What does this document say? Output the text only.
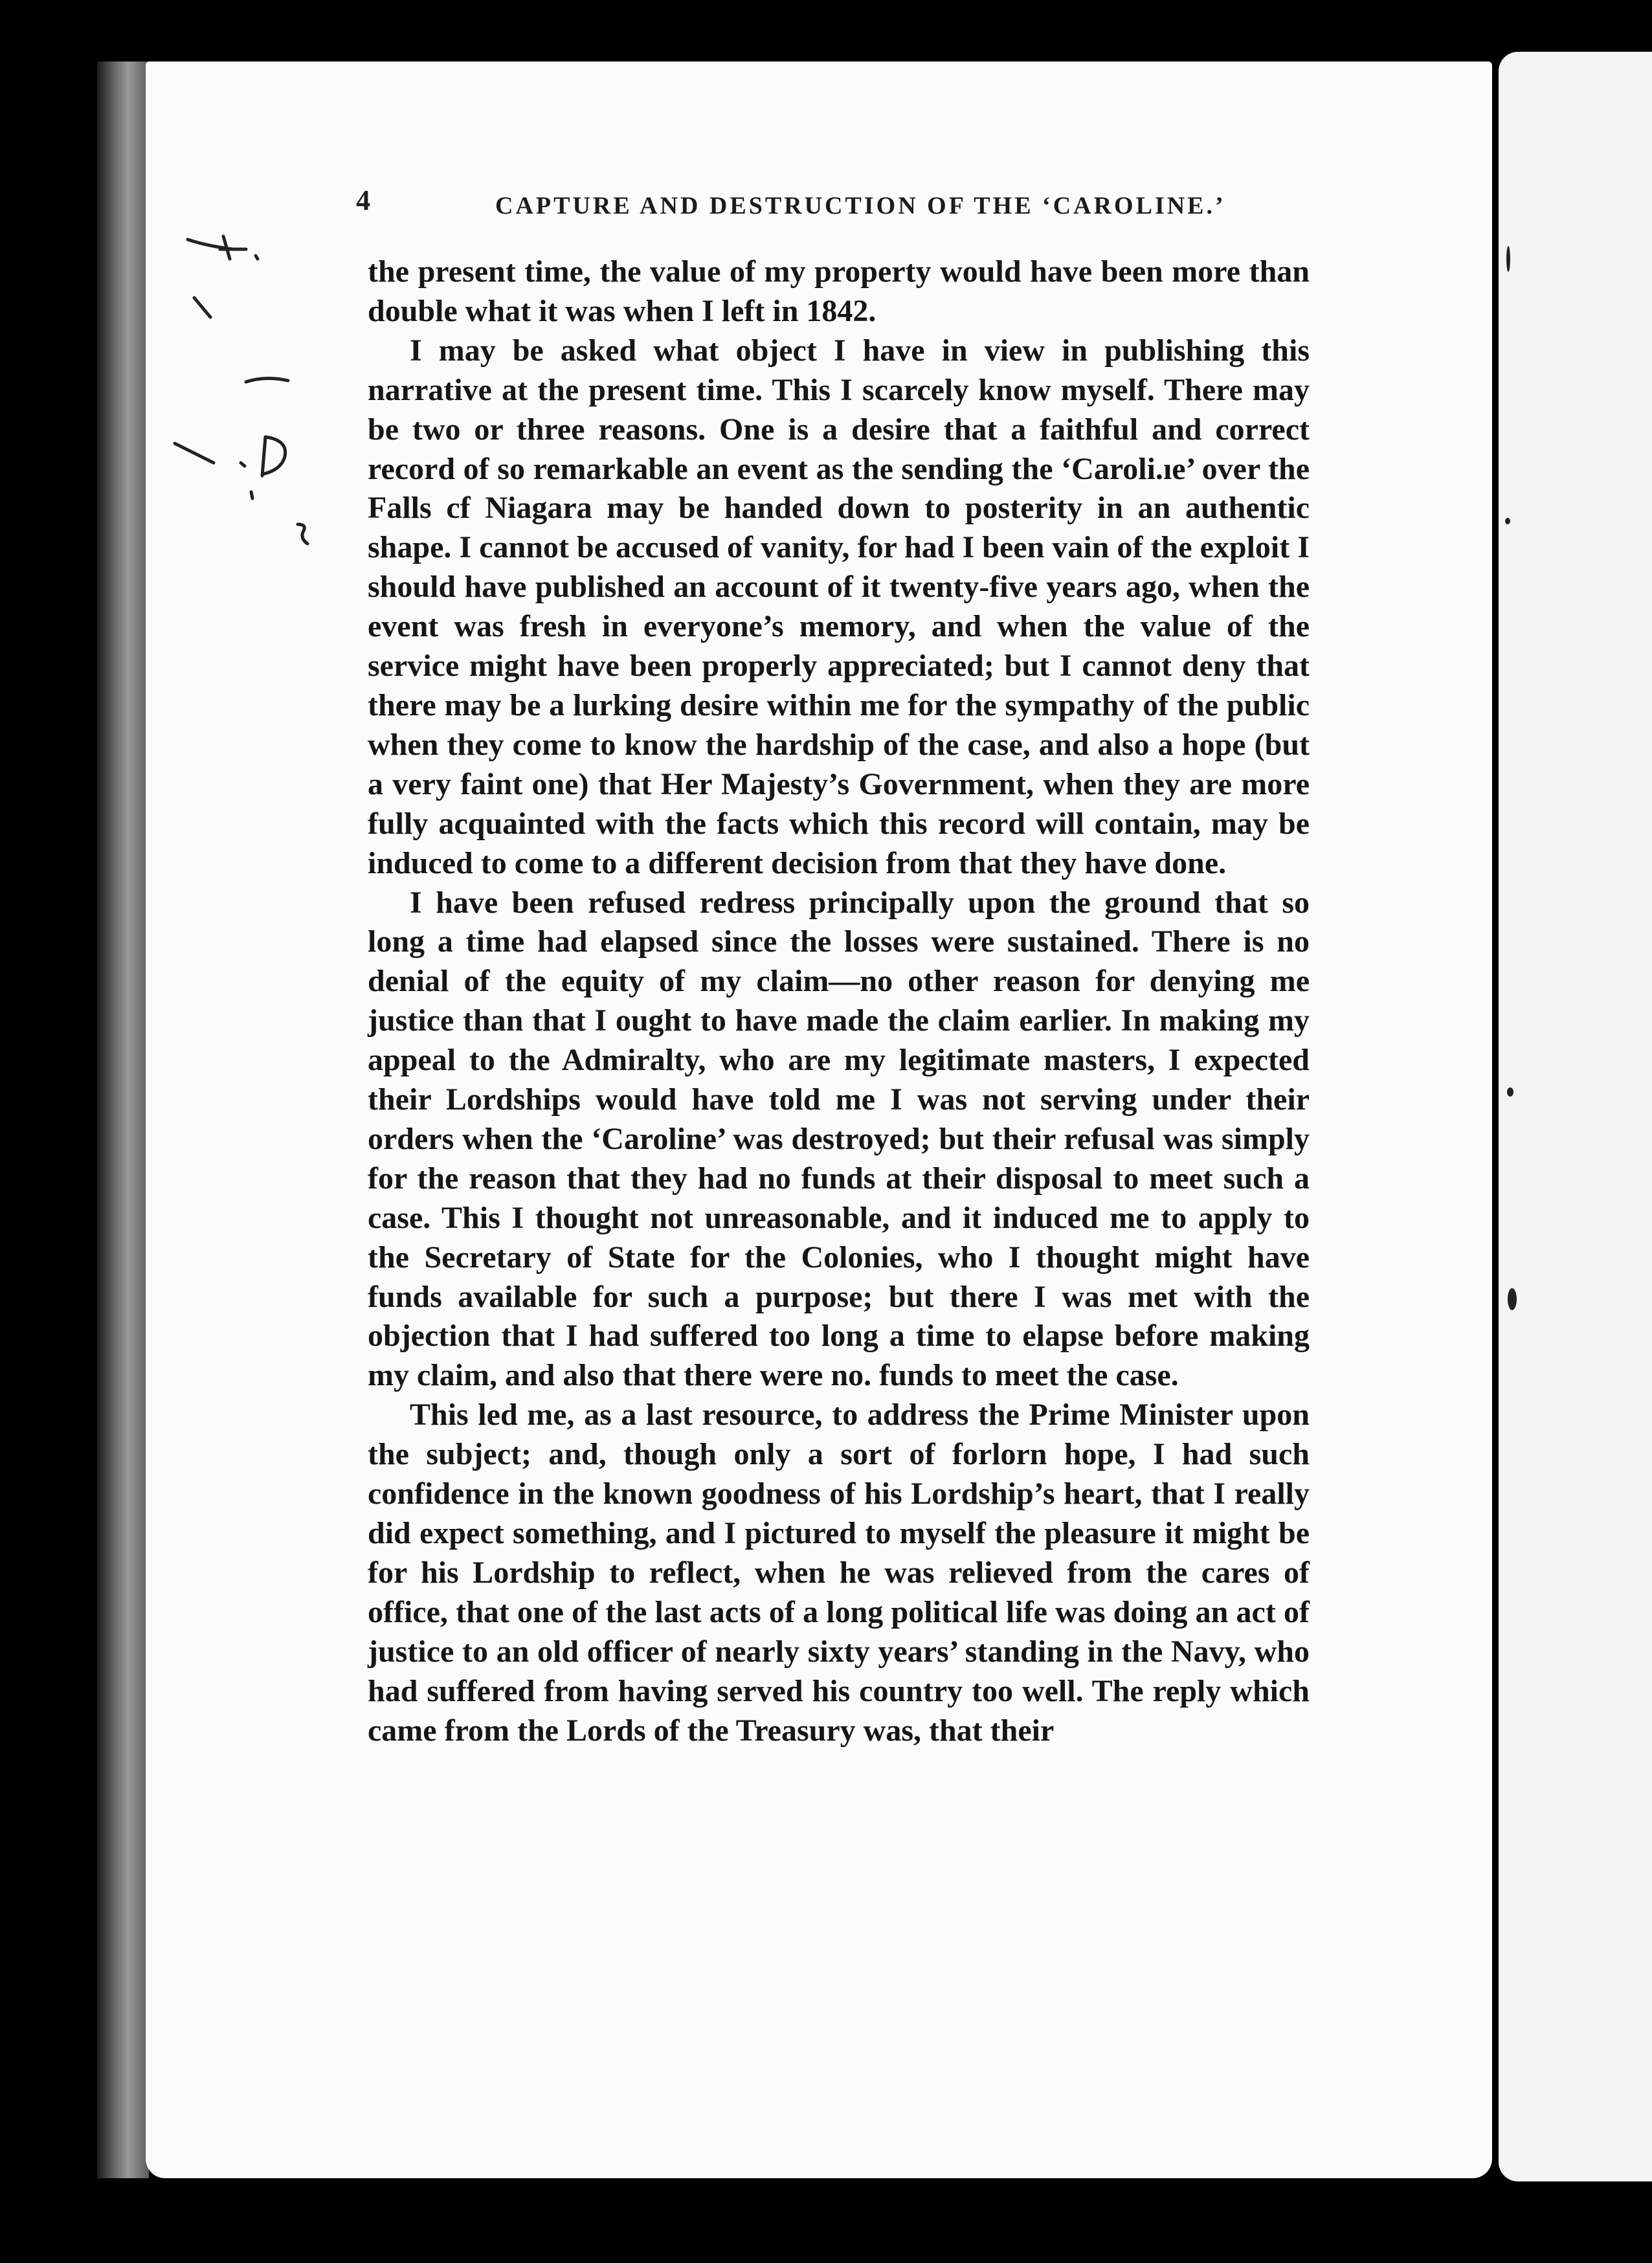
CAPTURE AND DESTRUCTION OF THE ‘CAROLINE.’
4

the present time, the value of my property would have been more than double what it was when I left in 1842.

I may be asked what object I have in view in publishing this narrative at the present time. This I scarcely know myself. There may be two or three reasons. One is a desire that a faithful and correct record of so remarkable an event as the sending the ‘Caroli.ıe’ over the Falls cf Niagara may be handed down to posterity in an authentic shape. I cannot be accused of vanity, for had I been vain of the exploit I should have published an account of it twenty-five years ago, when the event was fresh in everyone’s memory, and when the value of the service might have been properly appreciated; but I cannot deny that there may be a lurking desire within me for the sympathy of the public when they come to know the hardship of the case, and also a hope (but a very faint one) that Her Majesty’s Government, when they are more fully acquainted with the facts which this record will contain, may be induced to come to a different decision from that they have done.

I have been refused redress principally upon the ground that so long a time had elapsed since the losses were sustained. There is no denial of the equity of my claim—no other reason for denying me justice than that I ought to have made the claim earlier. In making my appeal to the Admiralty, who are my legitimate masters, I expected their Lordships would have told me I was not serving under their orders when the ‘Caroline’ was destroyed; but their refusal was simply for the reason that they had no funds at their disposal to meet such a case. This I thought not unreasonable, and it induced me to apply to the Secretary of State for the Colonies, who I thought might have funds available for such a purpose; but there I was met with the objection that I had suffered too long a time to elapse before making my claim, and also that there were no. funds to meet the case.

This led me, as a last resource, to address the Prime Minister upon the subject; and, though only a sort of forlorn hope, I had such confidence in the known goodness of his Lordship’s heart, that I really did expect something, and I pictured to myself the pleasure it might be for his Lordship to reflect, when he was relieved from the cares of office, that one of the last acts of a long political life was doing an act of justice to an old officer of nearly sixty years’ standing in the Navy, who had suffered from having served his country too well. The reply which came from the Lords of the Treasury was, that their
